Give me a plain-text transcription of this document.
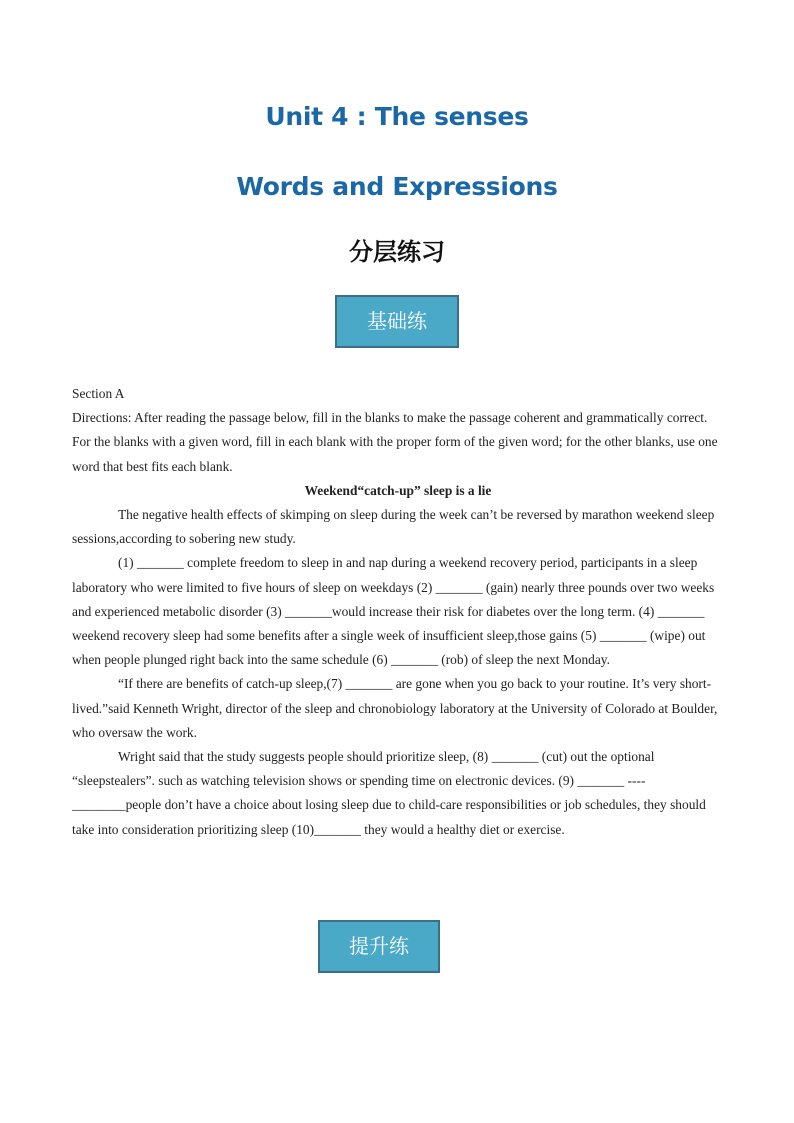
Unit 4 : The senses
Words and Expressions
分层练习
基础练

Section A

Directions: After reading the passage below, fill in the blanks to make the passage coherent and grammatically correct. For the blanks with a given word, fill in each blank with the proper form of the given word; for the other blanks, use one word that best fits each blank.

Weekend“catch-up” sleep is a lie

The negative health effects of skimping on sleep during the week can’t be reversed by marathon weekend sleep sessions,according to sobering new study.

(1) _______ complete freedom to sleep in and nap during a weekend recovery period, participants in a sleep laboratory who were limited to five hours of sleep on weekdays (2) _______ (gain) nearly three pounds over two weeks and experienced metabolic disorder (3) _______would increase their risk for diabetes over the long term. (4) _______ weekend recovery sleep had some benefits after a single week of insufficient sleep,those gains (5) _______ (wipe) out when people plunged right back into the same schedule (6) _______ (rob) of sleep the next Monday.

“If there are benefits of catch-up sleep,(7) _______ are gone when you go back to your routine. It’s very short-lived.”said Kenneth Wright, director of the sleep and chronobiology laboratory at the University of Colorado at Boulder, who oversaw the work.

Wright said that the study suggests people should prioritize sleep, (8) _______ (cut) out the optional “sleepstealers”. such as watching television shows or spending time on electronic devices. (9) _______ ----________people don’t have a choice about losing sleep due to child-care responsibilities or job schedules, they should take into consideration prioritizing sleep (10)_______ they would a healthy diet or exercise.

提升练
